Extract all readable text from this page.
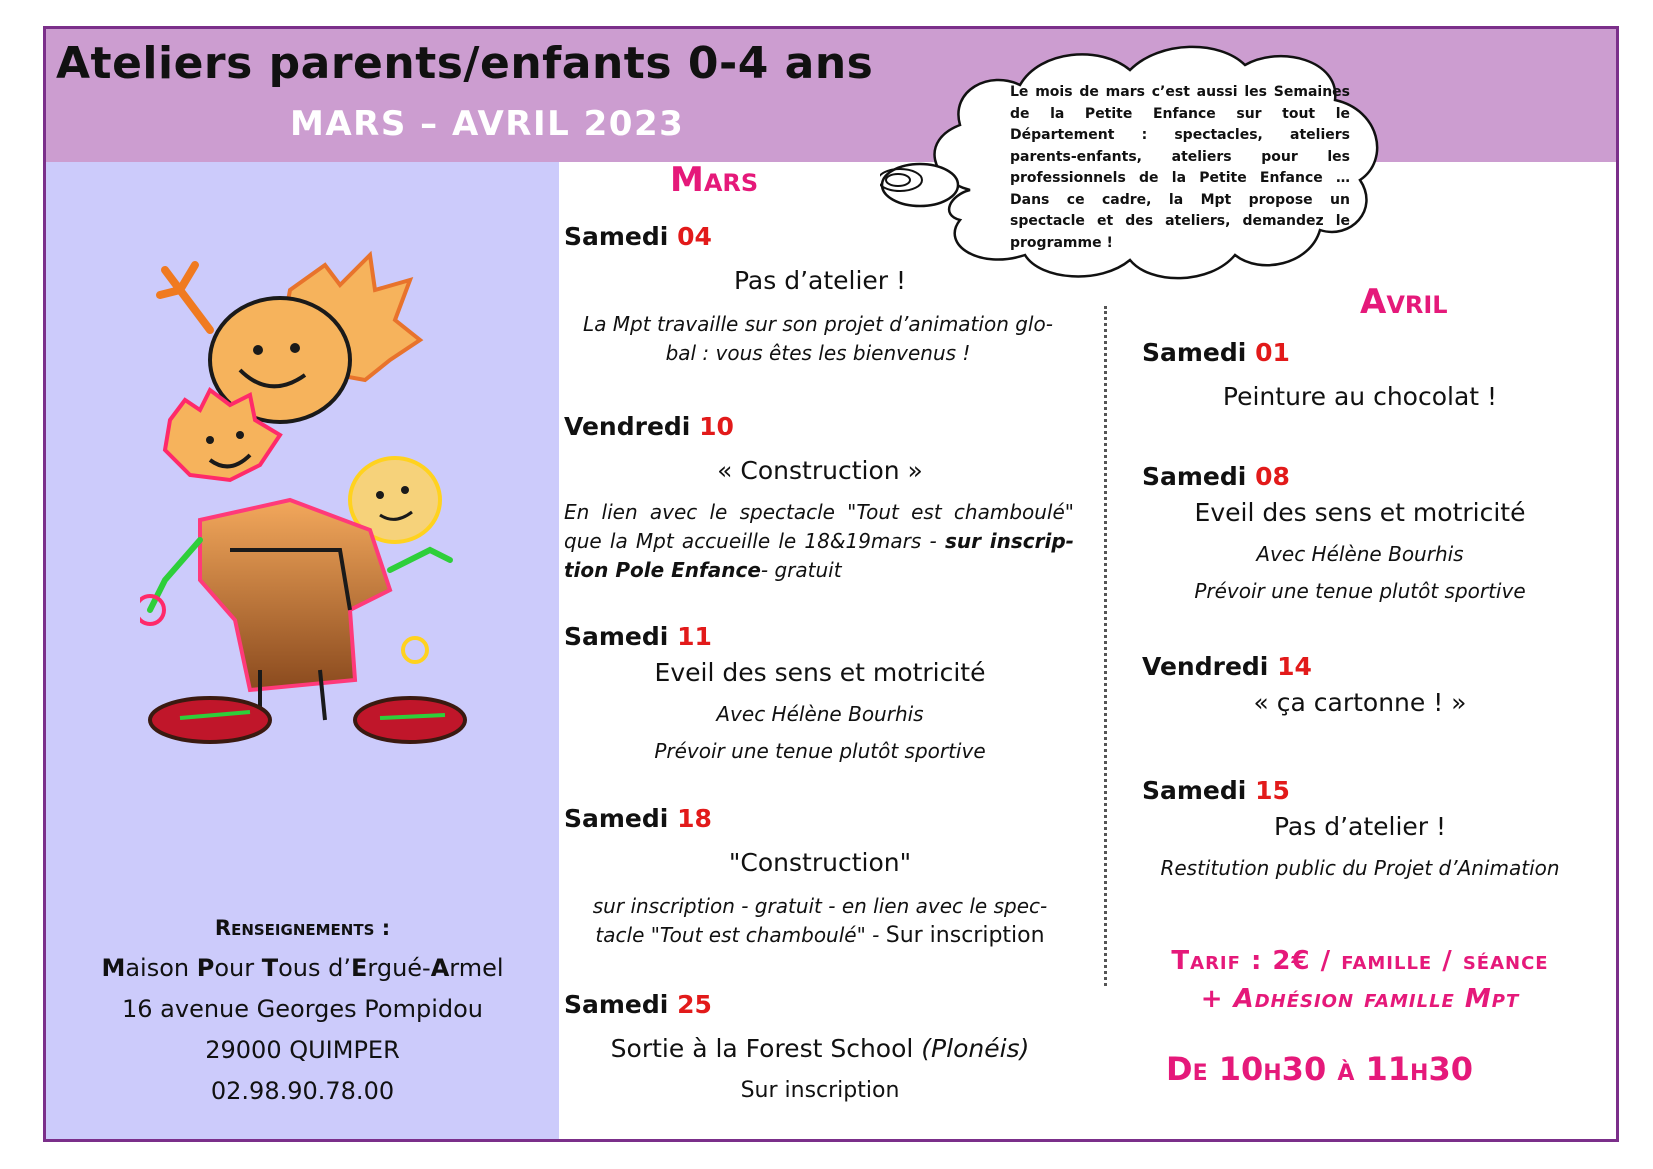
Ateliers parents/enfants 0-4 ans
MARS – AVRIL 2023
Le mois de mars c’est aussi les Semaines de la Petite Enfance sur tout le Département : spectacles, ateliers parents-enfants, ateliers pour les professionnels de la Petite Enfance … Dans ce cadre, la Mpt propose un spectacle et des ateliers, demandez le programme !
Mars
Samedi 04
Pas d’atelier !
La Mpt travaille sur son projet d’animation glo-bal : vous êtes les bienvenus !
Vendredi 10
« Construction »
En lien avec le spectacle "Tout est chamboulé" que la Mpt accueille le 18&19mars - sur inscrip-tion Pole Enfance- gratuit
Samedi 11
Eveil des sens et motricité
Avec Hélène Bourhis
Prévoir une tenue plutôt sportive
Samedi 18
"Construction"
sur inscription - gratuit - en lien avec le spec-tacle "Tout est chamboulé" - Sur inscription
Samedi 25
Sortie à la Forest School (Plonéis)
Sur inscription
Avril
Samedi 01
Peinture au chocolat !
Samedi 08
Eveil des sens et motricité
Avec Hélène Bourhis
Prévoir une tenue plutôt sportive
Vendredi 14
« ça cartonne ! »
Samedi 15
Pas d’atelier !
Restitution public du Projet d’Animation
Tarif : 2€ / famille / séance
+ Adhésion famille Mpt
De 10h30 à 11h30
Renseignements :
Maison Pour Tous d’Ergué-Armel
16 avenue Georges Pompidou
29000 QUIMPER
02.98.90.78.00
